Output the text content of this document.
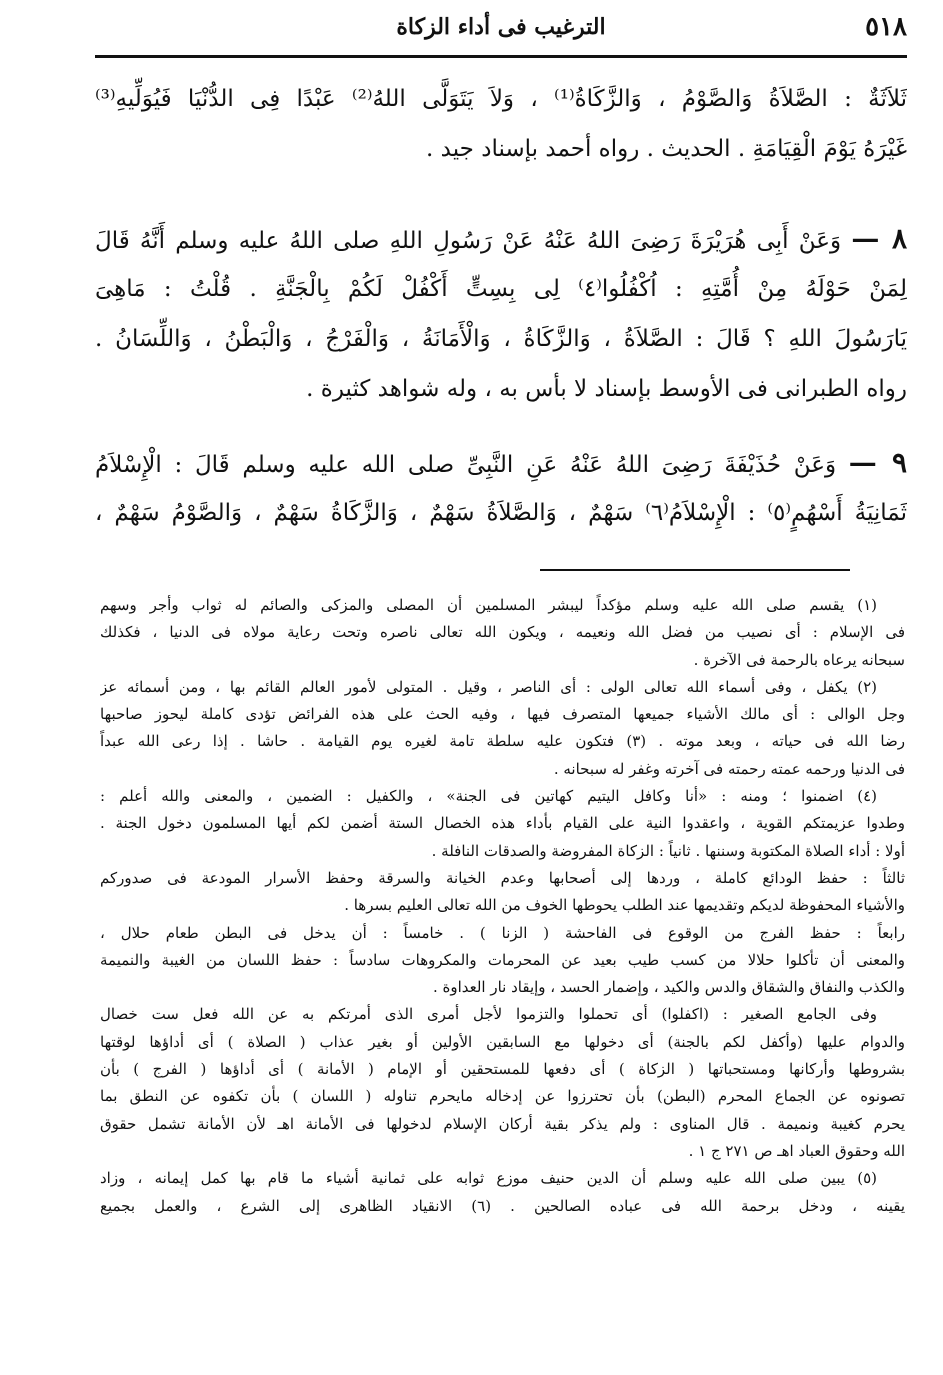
٥١٨
الترغيب فى أداء الزكاة
ثَلاَثَةٌ : الصَّلاَةُ وَالصَّوْمُ ، وَالزَّكَاةُ⁽¹⁾ ، وَلاَ يَتَوَلَّى اللهُ⁽²⁾ عَبْدًا فِى الدُّنْيَا فَيُوَلِّيهِ⁽³⁾
غَيْرَهُ يَوْمَ الْقِيَامَةِ . الحديث . رواه أحمد بإسناد جيد .
٨ — وَعَنْ أَبِى هُرَيْرَةَ رَضِىَ اللهُ عَنْهُ عَنْ رَسُولِ اللهِ صلى اللهُ عليه وسلم أَنَّهُ قَالَ
لِمَنْ حَوْلَهُ مِنْ أُمَّتِهِ : اُكْفُلُوا⁽٤⁾ لِى بِسِتٍّ أَكْفُلْ لَكُمْ بِالْجَنَّةِ . قُلْتُ : مَاهِىَ
يَارَسُولَ اللهِ ؟ قَالَ : الصَّلاَةُ ، وَالزَّكَاةُ ، وَالْأَمَانَةُ ، وَالْفَرْجُ ، وَالْبَطْنُ ، وَاللِّسَانُ .
رواه الطبرانى فى الأوسط بإسناد لا بأس به ، وله شواهد كثيرة .
٩ — وَعَنْ حُذَيْفَةَ رَضِىَ اللهُ عَنْهُ عَنِ النَّبِىِّ صلى الله عليه وسلم قَالَ : الْإِسْلاَمُ
ثَمَانِيَةُ أَسْهُمٍ⁽٥⁾ : الْإِسْلاَمُ⁽٦⁾ سَهْمٌ ، وَالصَّلاَةُ سَهْمٌ ، وَالزَّكَاةُ سَهْمٌ ، وَالصَّوْمُ سَهْمٌ ،
(١) يقسم صلى الله عليه وسلم مؤكداً ليبشر المسلمين أن المصلى والمزكى والصائم له ثواب وأجر وسهم
فى الإسلام : أى نصيب من فضل الله ونعيمه ، ويكون الله تعالى ناصره وتحت رعاية مولاه فى الدنيا ، فكذلك
سبحانه يرعاه بالرحمة فى الآخرة .
(٢) يكفل ، وفى أسماء الله تعالى الولى : أى الناصر ، وقيل . المتولى لأمور العالم القائم بها ، ومن أسمائه عز
وجل الوالى : أى مالك الأشياء جميعها المتصرف فيها ، وفيه الحث على هذه الفرائض تؤدى كاملة ليحوز صاحبها
رضا الله فى حياته ، وبعد موته . (٣) فتكون عليه سلطة تامة لغيره يوم القيامة . حاشا . إذا رعى الله عبداً
فى الدنيا ورحمه عمته رحمته فى آخرته وغفر له سبحانه .
(٤) اضمنوا ؛ ومنه : «أنا وكافل اليتيم كهاتين فى الجنة» ، والكفيل : الضمين ، والمعنى والله أعلم :
وطدوا عزيمتكم القوية ، واعقدوا النية على القيام بأداء هذه الخصال الستة أضمن لكم أيها المسلمون دخول الجنة .
أولا : أداء الصلاة المكتوبة وسننها . ثانياً : الزكاة المفروضة والصدقات النافلة .
ثالثاً : حفظ الودائع كاملة ، وردها إلى أصحابها وعدم الخيانة والسرقة وحفظ الأسرار المودعة فى صدوركم
والأشياء المحفوظة لديكم وتقديمها عند الطلب يحوطها الخوف من الله تعالى العليم بسرها .
رابعاً : حفظ الفرج من الوقوع فى الفاحشة ( الزنا ) . خامساً : أن يدخل فى البطن طعام حلال ،
والمعنى أن تأكلوا حلالا من كسب طيب بعيد عن المحرمات والمكروهات سادساً : حفظ اللسان من الغيبة والنميمة
والكذب والنفاق والشقاق والدس والكيد ، وإضمار الحسد ، وإيقاد نار العداوة .
وفى الجامع الصغير : (اكفلوا) أى تحملوا والتزموا لأجل أمرى الذى أمرتكم به عن الله فعل ست خصال
والدوام عليها (وأكفل لكم بالجنة) أى دخولها مع السابقين الأولين أو بغير عذاب ( الصلاة ) أى أداؤها لوقتها
بشروطها وأركانها ومستحباتها ( الزكاة ) أى دفعها للمستحقين أو الإمام ( الأمانة ) أى أداؤها ( الفرج ) بأن
تصونوه عن الجماع المحرم (البطن) بأن تحترزوا عن إدخاله مايحرم تناوله ( اللسان ) بأن تكفوه عن النطق بما
يحرم كغيبة ونميمة . قال المناوى : ولم يذكر بقية أركان الإسلام لدخولها فى الأمانة اهـ لأن الأمانة تشمل حقوق
الله وحقوق العباد اهـ ص ٢٧١ ج ١ .
(٥) يبين صلى الله عليه وسلم أن الدين حنيف موزع ثوابه على ثمانية أشياء ما قام بها كمل إيمانه ، وزاد
يقينه ، ودخل برحمة الله فى عباده الصالحين . (٦) الانقياد الظاهرى إلى الشرع ، والعمل بجميع
